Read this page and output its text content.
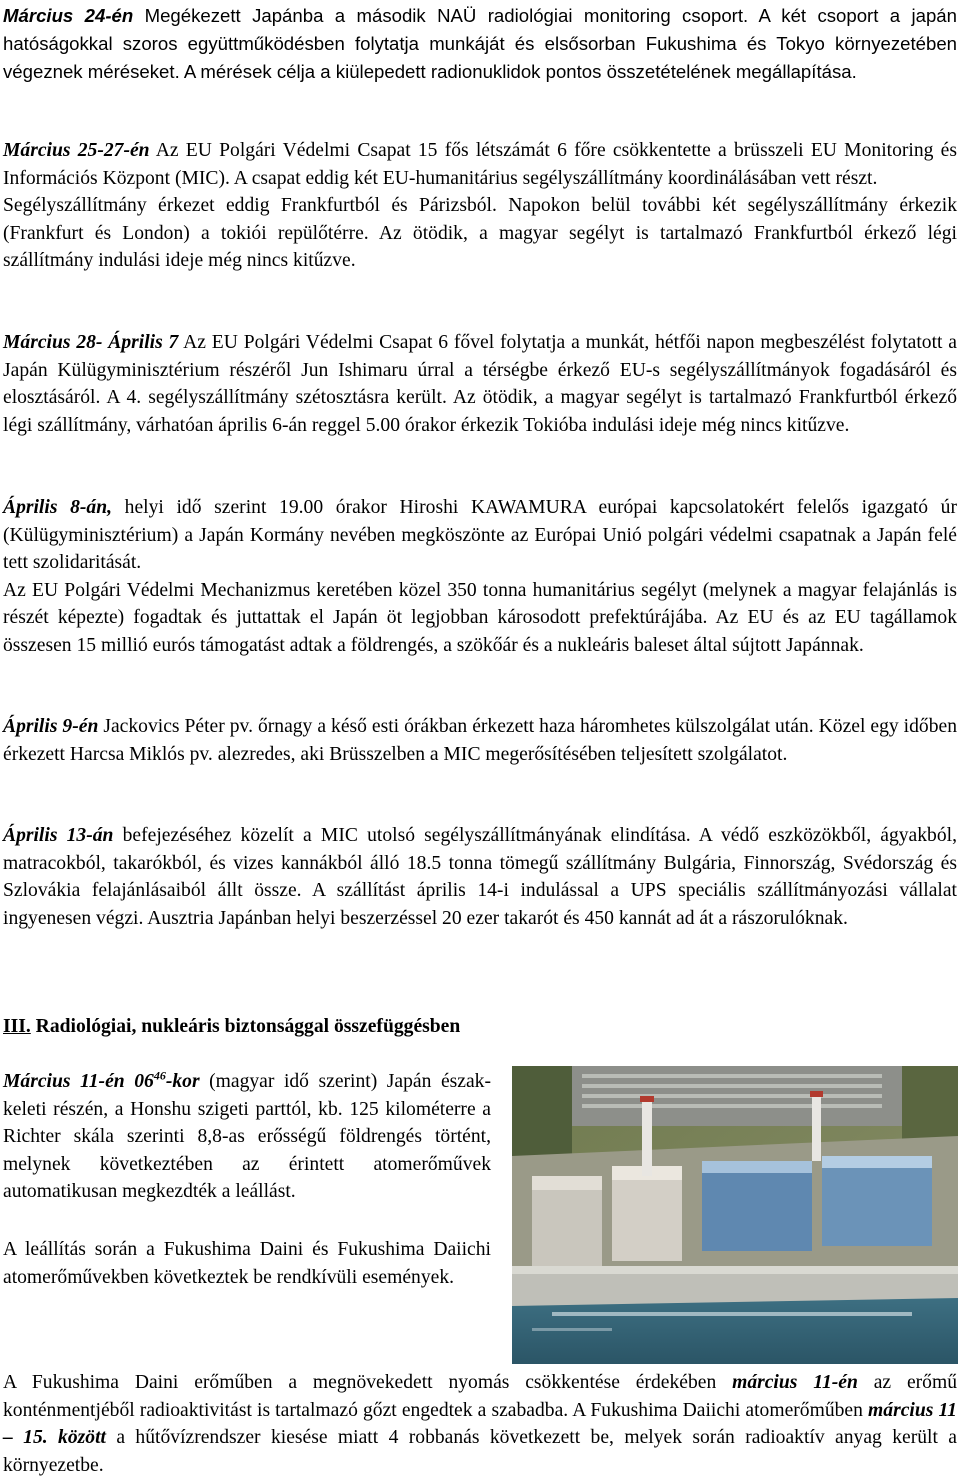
Március 24-én Megékezett Japánba a második NAÜ radiológiai monitoring csoport. A két csoport a japán hatóságokkal szoros együttműködésben folytatja munkáját és elsősorban Fukushima és Tokyo környezetében végeznek méréseket. A mérések célja a kiülepedett radionuklidok pontos összetételének megállapítása.

Március 25-27-én Az EU Polgári Védelmi Csapat 15 fős létszámát 6 főre csökkentette a brüsszeli EU Monitoring és Információs Központ (MIC). A csapat eddig két EU-humanitárius segélyszállítmány koordinálásában vett részt.

Segélyszállítmány érkezet eddig Frankfurtból és Párizsból. Napokon belül további két segélyszállítmány érkezik (Frankfurt és London) a tokiói repülőtérre. Az ötödik, a magyar segélyt is tartalmazó Frankfurtból érkező légi szállítmány indulási ideje még nincs kitűzve.

Március 28- Április 7 Az EU Polgári Védelmi Csapat 6 fővel folytatja a munkát, hétfői napon megbeszélést folytatott a Japán Külügyminisztérium részéről Jun Ishimaru úrral a térségbe érkező EU-s segélyszállítmányok fogadásáról és elosztásáról. A 4. segélyszállítmány szétosztásra került. Az ötödik, a magyar segélyt is tartalmazó Frankfurtból érkező légi szállítmány, várhatóan április 6-án reggel 5.00 órakor érkezik Tokióba indulási ideje még nincs kitűzve.

Április 8-án, helyi idő szerint 19.00 órakor Hiroshi KAWAMURA európai kapcsolatokért felelős igazgató úr (Külügyminisztérium) a Japán Kormány nevében megköszönte az Európai Unió polgári védelmi csapatnak a Japán felé tett szolidaritását.

Az EU Polgári Védelmi Mechanizmus keretében közel 350 tonna humanitárius segélyt (melynek a magyar felajánlás is részét képezte) fogadtak és juttattak el Japán öt legjobban károsodott prefektúrájába. Az EU és az EU tagállamok összesen 15 millió eurós támogatást adtak a földrengés, a szökőár és a nukleáris baleset által sújtott Japánnak.

Április 9-én Jackovics Péter pv. őrnagy a késő esti órákban érkezett haza háromhetes külszolgálat után. Közel egy időben érkezett Harcsa Miklós pv. alezredes, aki Brüsszelben a MIC megerősítésében teljesített szolgálatot.

Április 13-án befejezéséhez közelít a MIC utolsó segélyszállítmányának elindítása. A védő eszközökből, ágyakból, matracokból, takarókból, és vizes kannákból álló 18.5 tonna tömegű szállítmány Bulgária, Finnország, Svédország és Szlovákia felajánlásaiból állt össze. A szállítást április 14-i indulással a UPS speciális szállítmányozási vállalat ingyenesen végzi. Ausztria Japánban helyi beszerzéssel 20 ezer takarót és 450 kannát ad át a rászorulóknak.

III. Radiológiai, nukleáris biztonsággal összefüggésben

Március 11-én $06^{46}$-kor (magyar idő szerint) Japán észak-keleti részén, a Honshu szigeti parttól, kb. 125 kilométerre a Richter skála szerinti 8,8-as erősségű földrengés történt, melynek következtében az érintett atomerőművek automatikusan megkezdték a leállást.

A leállítás során a Fukushima Daini és Fukushima Daiichi atomerőművekben következtek be rendkívüli események.

A Fukushima Daini erőműben a megnövekedett nyomás csökkentése érdekében március 11-én az erőmű konténmentjéből radioaktivitást is tartalmazó gőzt engedtek a szabadba. A Fukushima Daiichi atomerőműben március 11 – 15. között a hűtővízrendszer kiesése miatt 4 robbanás következett be, melyek során radioaktív anyag került a környezetbe.
